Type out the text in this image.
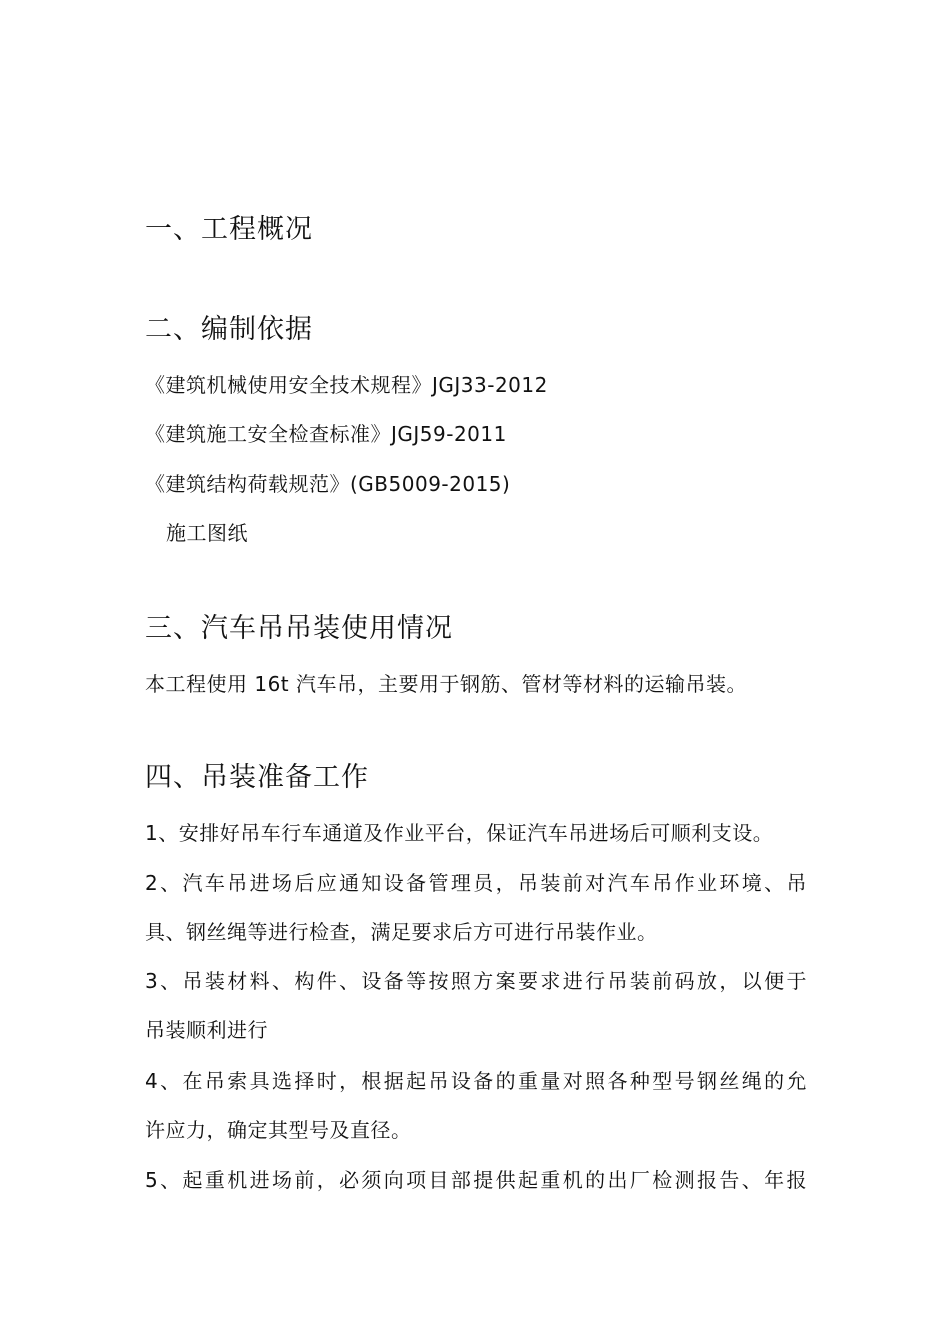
一、工程概况
二、编制依据
《建筑机械使用安全技术规程》JGJ33-2012
《建筑施工安全检查标准》JGJ59-2011
《建筑结构荷载规范》(GB5009-2015)
施工图纸
三、汽车吊吊装使用情况
本工程使用 16t 汽车吊，主要用于钢筋、管材等材料的运输吊装。
四、吊装准备工作
1、安排好吊车行车通道及作业平台，保证汽车吊进场后可顺利支设。
2、汽车吊进场后应通知设备管理员，吊装前对汽车吊作业环境、吊
具、钢丝绳等进行检查，满足要求后方可进行吊装作业。
3、吊装材料、构件、设备等按照方案要求进行吊装前码放，以便于
吊装顺利进行
4、在吊索具选择时，根据起吊设备的重量对照各种型号钢丝绳的允
许应力，确定其型号及直径。
5、起重机进场前，必须向项目部提供起重机的出厂检测报告、年报
